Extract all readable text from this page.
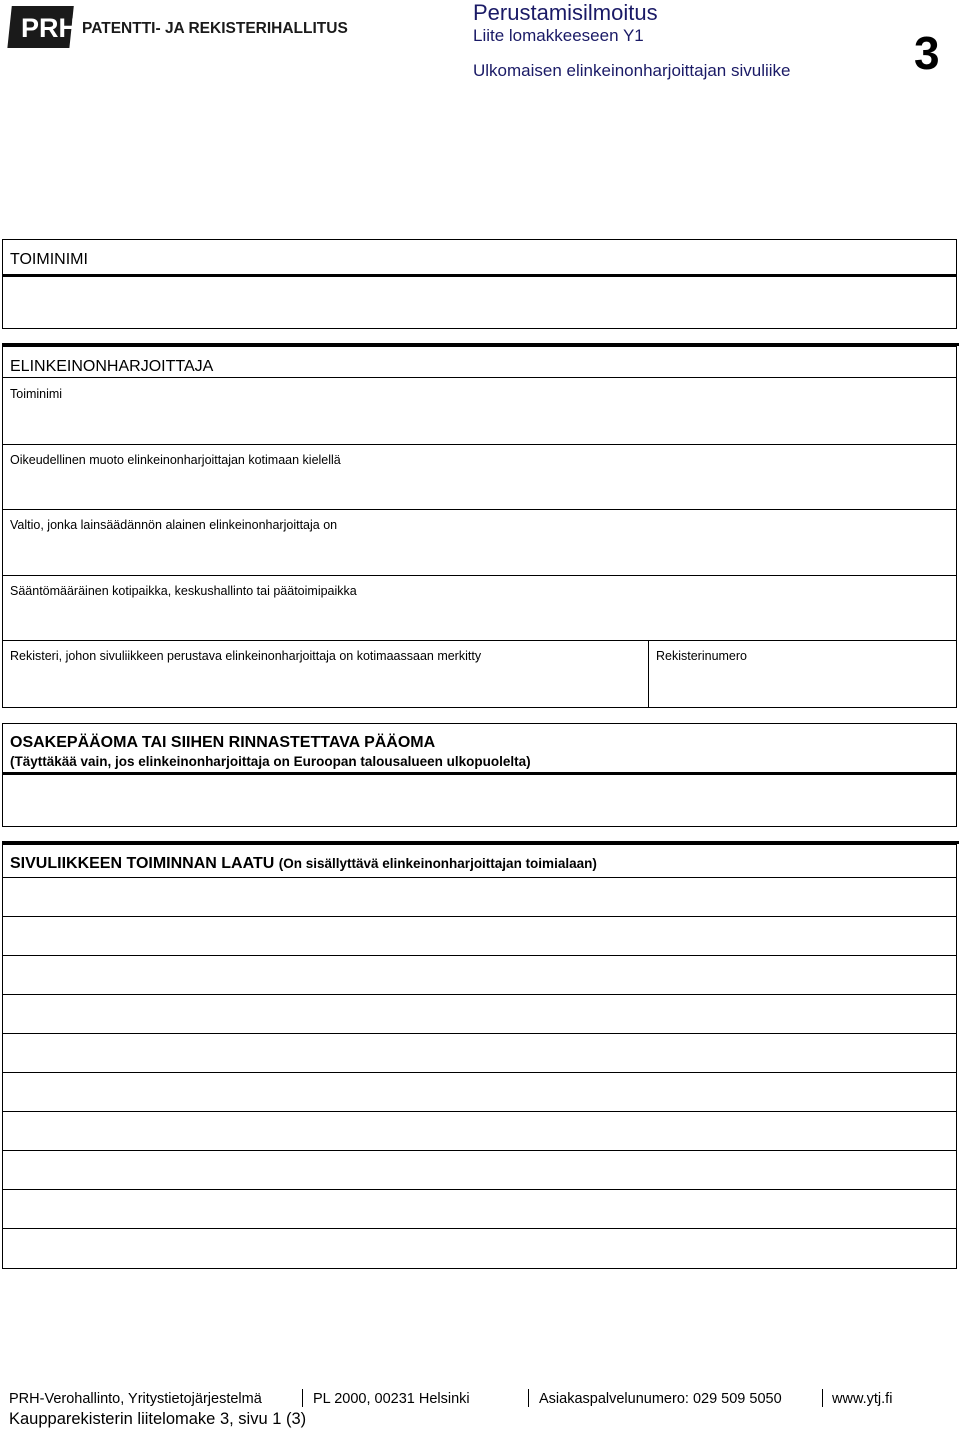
PRH PATENTTI- JA REKISTERIHALLITUS
Perustamisilmoitus
Liite lomakkeeseen Y1
Ulkomaisen elinkeinonharjoittajan sivuliike	3
TOIMINIMI
ELINKEINONHARJOITTAJA
Toiminimi
Oikeudellinen muoto elinkeinonharjoittajan kotimaan kielellä
Valtio, jonka lainsäädännön alainen elinkeinonharjoittaja on
Sääntömääräinen kotipaikka, keskushallinto tai päätoimipaikka
Rekisteri, johon sivuliikkeen perustava elinkeinonharjoittaja on kotimaassaan merkitty	Rekisterinumero
OSAKEPÄÄOMA TAI SIIHEN RINNASTETTAVA PÄÄOMA
(Täyttäkää vain, jos elinkeinonharjoittaja on Euroopan talousalueen ulkopuolelta)
SIVULIIKKEEN TOIMINNAN LAATU (On sisällyttävä elinkeinonharjoittajan toimialaan)
PRH-Verohallinto, Yritystietojärjestelmä	PL 2000, 00231 Helsinki	Asiakaspalvelunumero: 029 509 5050	www.ytj.fi
Kaupparekisterin liitelomake 3, sivu 1 (3)
